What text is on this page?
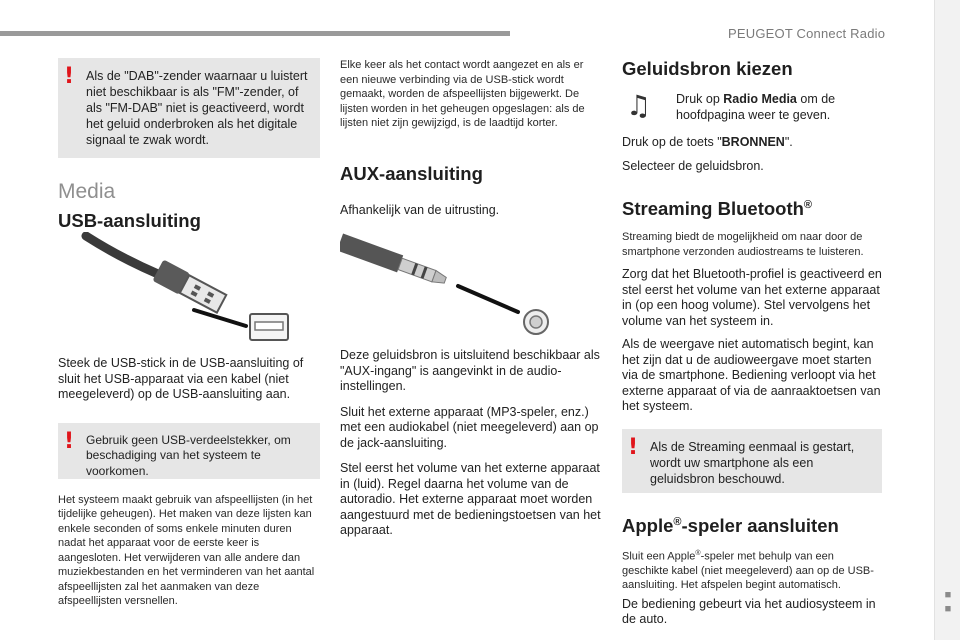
PEUGEOT Connect Radio
■ ■
! Als de "DAB"-zender waarnaar u luistert niet beschikbaar is als "FM"-zender, of als "FM-DAB" niet is geactiveerd, wordt het geluid onderbroken als het digitale signaal te zwak wordt.
Media
USB-aansluiting

Steek de USB-stick in de USB-aansluiting of sluit het USB-apparaat via een kabel (niet meegeleverd) op de USB-aansluiting aan.

! Gebruik geen USB-verdeelstekker, om beschadiging van het systeem te voorkomen.

Het systeem maakt gebruik van afspeellijsten (in het tijdelijke geheugen). Het maken van deze lijsten kan enkele seconden of soms enkele minuten duren nadat het apparaat voor de eerste keer is aangesloten. Het verwijderen van alle andere dan muziekbestanden en het verminderen van het aantal afspeellijsten zal het aanmaken van deze afspeellijsten versnellen.

Elke keer als het contact wordt aangezet en als er een nieuwe verbinding via de USB-stick wordt gemaakt, worden de afspeellijsten bijgewerkt. De lijsten worden in het geheugen opgeslagen: als de lijsten niet zijn gewijzigd, is de laadtijd korter.

AUX-aansluiting

Afhankelijk van de uitrusting.

Deze geluidsbron is uitsluitend beschikbaar als "AUX-ingang" is aangevinkt in de audio-instellingen.

Sluit het externe apparaat (MP3-speler, enz.) met een audiokabel (niet meegeleverd) aan op de jack-aansluiting.

Stel eerst het volume van het externe apparaat in (luid). Regel daarna het volume van de autoradio. Het externe apparaat moet worden aangestuurd met de bedieningstoetsen van het apparaat.

Geluidsbron kiezen
♫	Druk op Radio Media om de hoofdpagina weer te geven.

Druk op de toets "BRONNEN".

Selecteer de geluidsbron.

Streaming Bluetooth®

Streaming biedt de mogelijkheid om naar door de smartphone verzonden audiostreams te luisteren.

Zorg dat het Bluetooth-profiel is geactiveerd en stel eerst het volume van het externe apparaat in (op een hoog volume). Stel vervolgens het volume van het systeem in.

Als de weergave niet automatisch begint, kan het zijn dat u de audioweergave moet starten via de smartphone. Bediening verloopt via het externe apparaat of via de aanraaktoetsen van het systeem.

! Als de Streaming eenmaal is gestart, wordt uw smartphone als een geluidsbron beschouwd.
Apple®-speler aansluiten

Sluit een Apple®-speler met behulp van een geschikte kabel (niet meegeleverd) aan op de USB-aansluiting. Het afspelen begint automatisch.

De bediening gebeurt via het audiosysteem in de auto.
